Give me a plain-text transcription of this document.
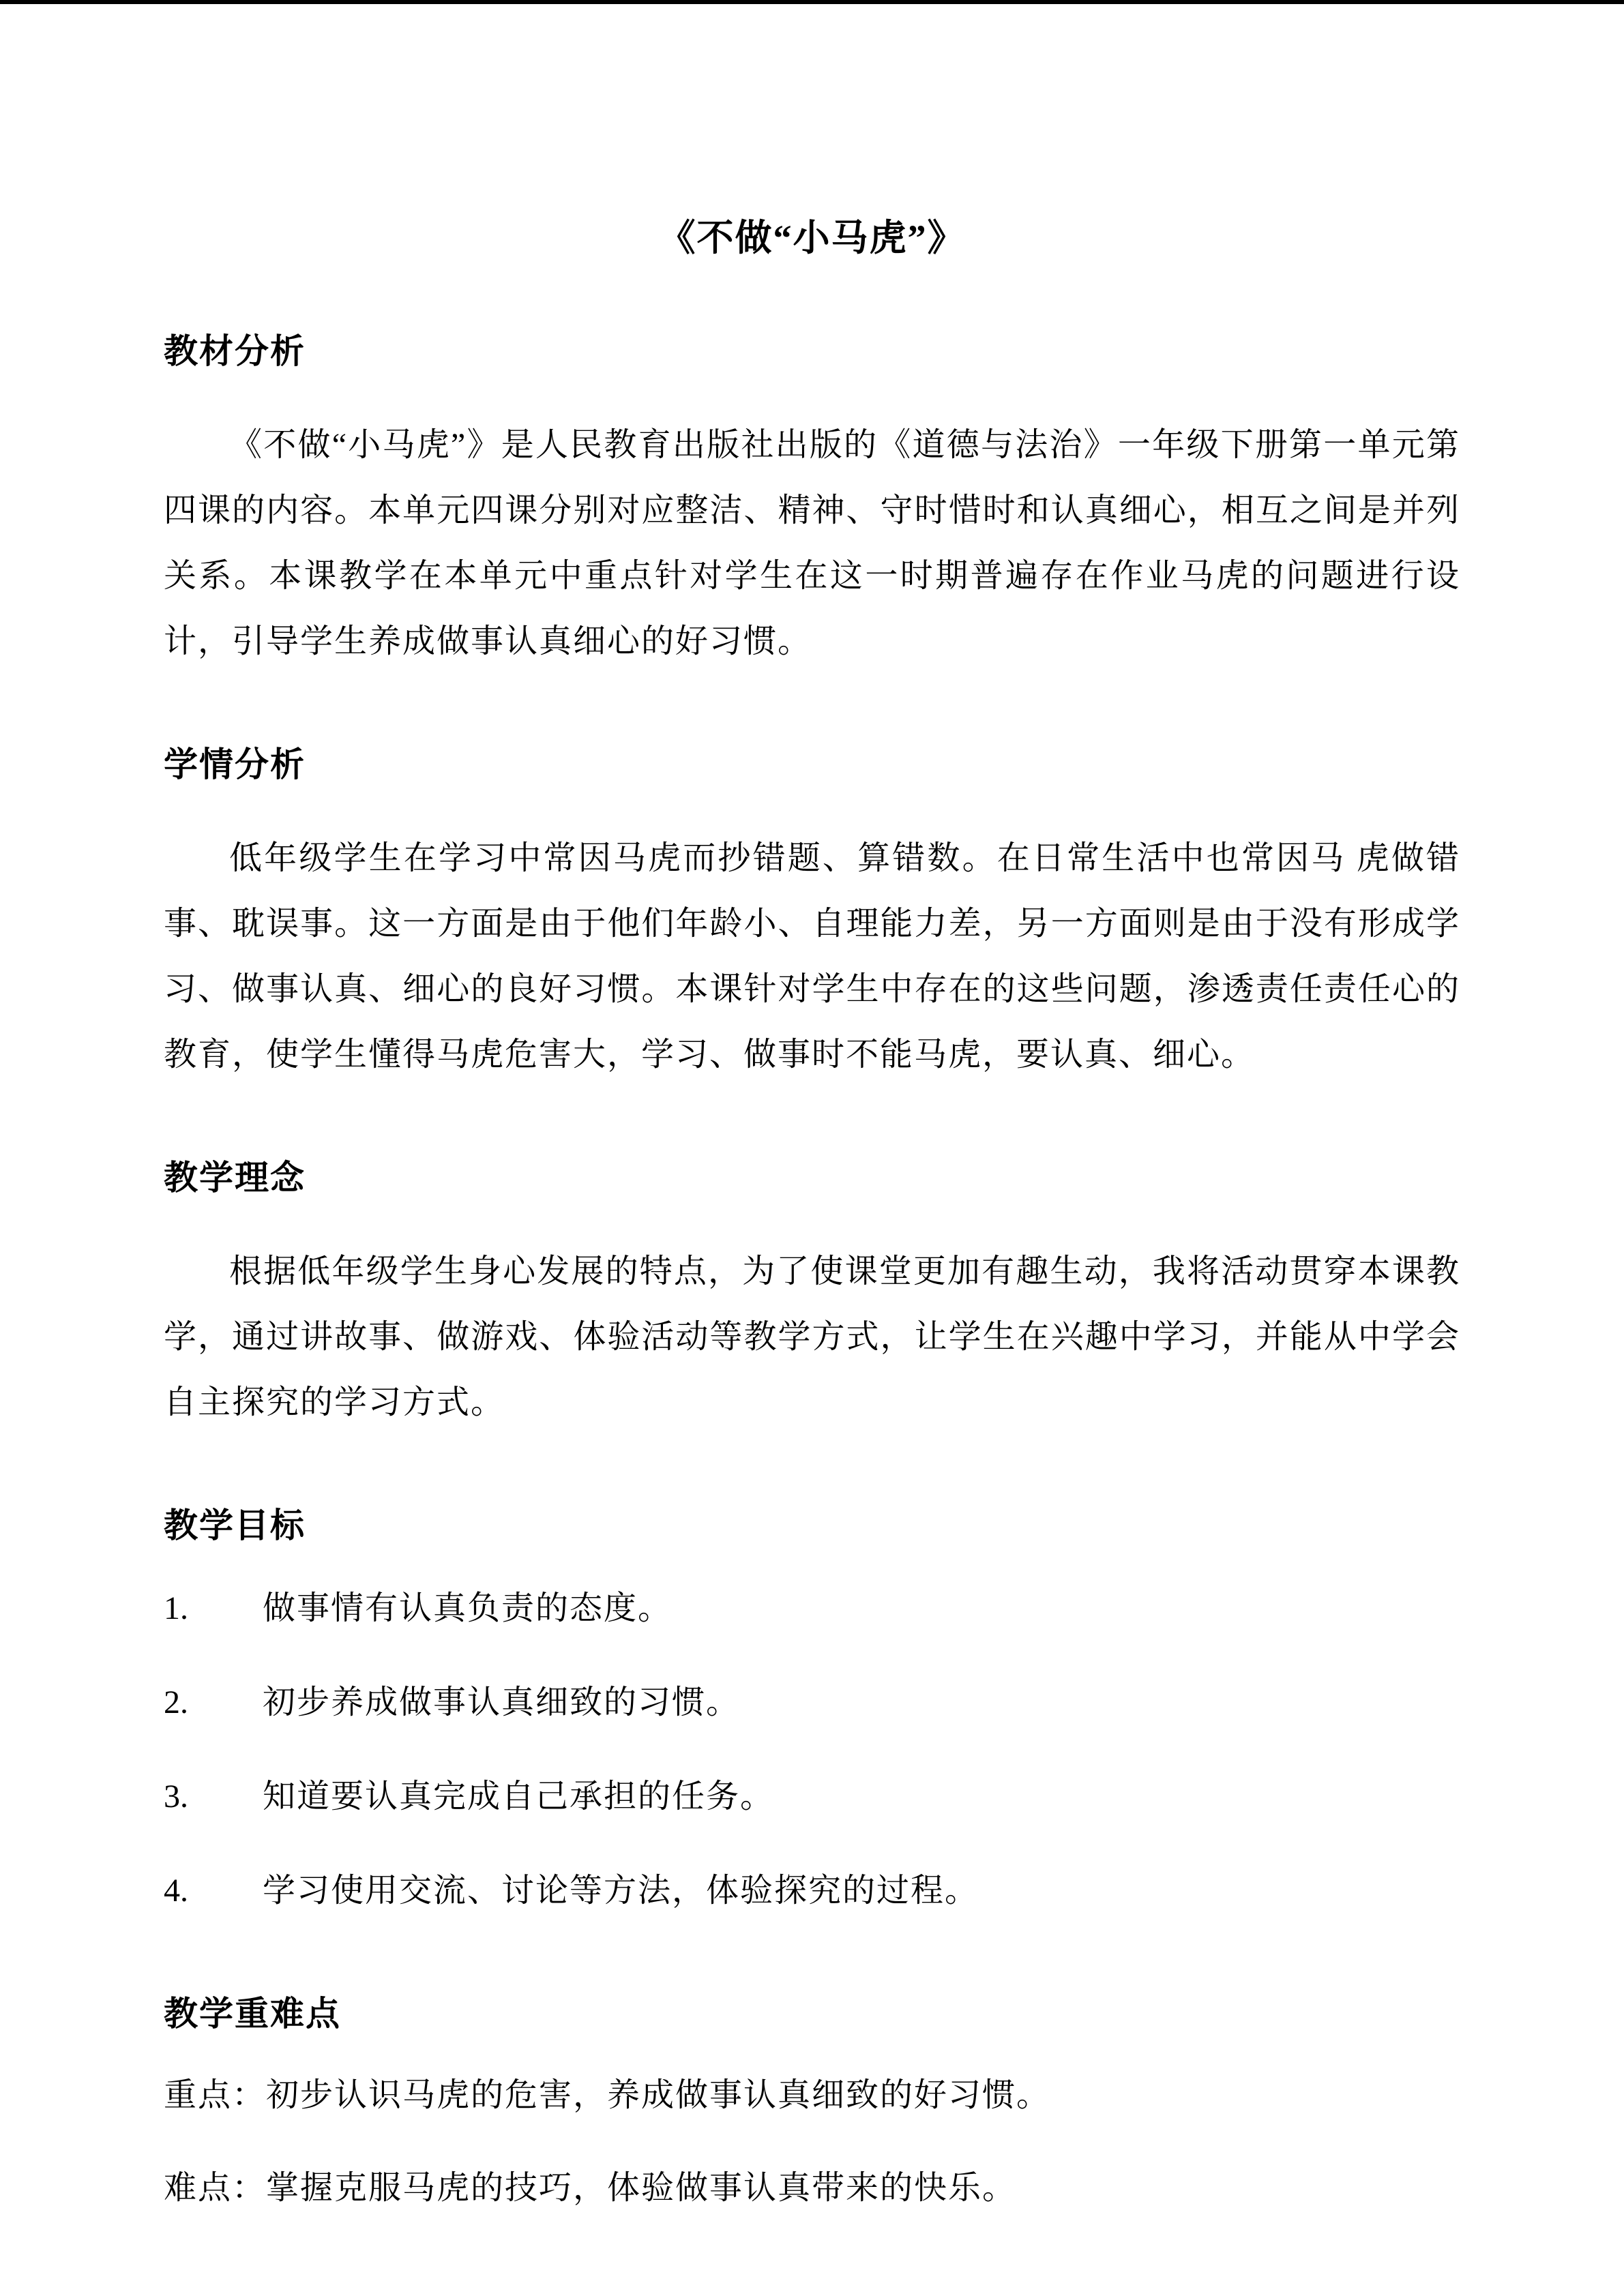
《不做“小马虎”》
教材分析

《不做“小马虎”》是人民教育出版社出版的《道德与法治》一年级下册第一单元第四课的内容。本单元四课分别对应整洁、精神、守时惜时和认真细心，相互之间是并列关系。本课教学在本单元中重点针对学生在这一时期普遍存在作业马虎的问题进行设计，引导学生养成做事认真细心的好习惯。

学情分析

低年级学生在学习中常因马虎而抄错题、算错数。在日常生活中也常因马 虎做错事、耽误事。这一方面是由于他们年龄小、自理能力差，另一方面则是由于没有形成学习、做事认真、细心的良好习惯。本课针对学生中存在的这些问题，渗透责任责任心的教育，使学生懂得马虎危害大，学习、做事时不能马虎，要认真、细心。

教学理念

根据低年级学生身心发展的特点，为了使课堂更加有趣生动，我将活动贯穿本课教学，通过讲故事、做游戏、体验活动等教学方式，让学生在兴趣中学习，并能从中学会自主探究的学习方式。

教学目标
1.	做事情有认真负责的态度。
2.	初步养成做事认真细致的习惯。
3.	知道要认真完成自己承担的任务。
4.	学习使用交流、讨论等方法，体验探究的过程。
教学重难点

重点：初步认识马虎的危害，养成做事认真细致的好习惯。

难点：掌握克服马虎的技巧，体验做事认真带来的快乐。
